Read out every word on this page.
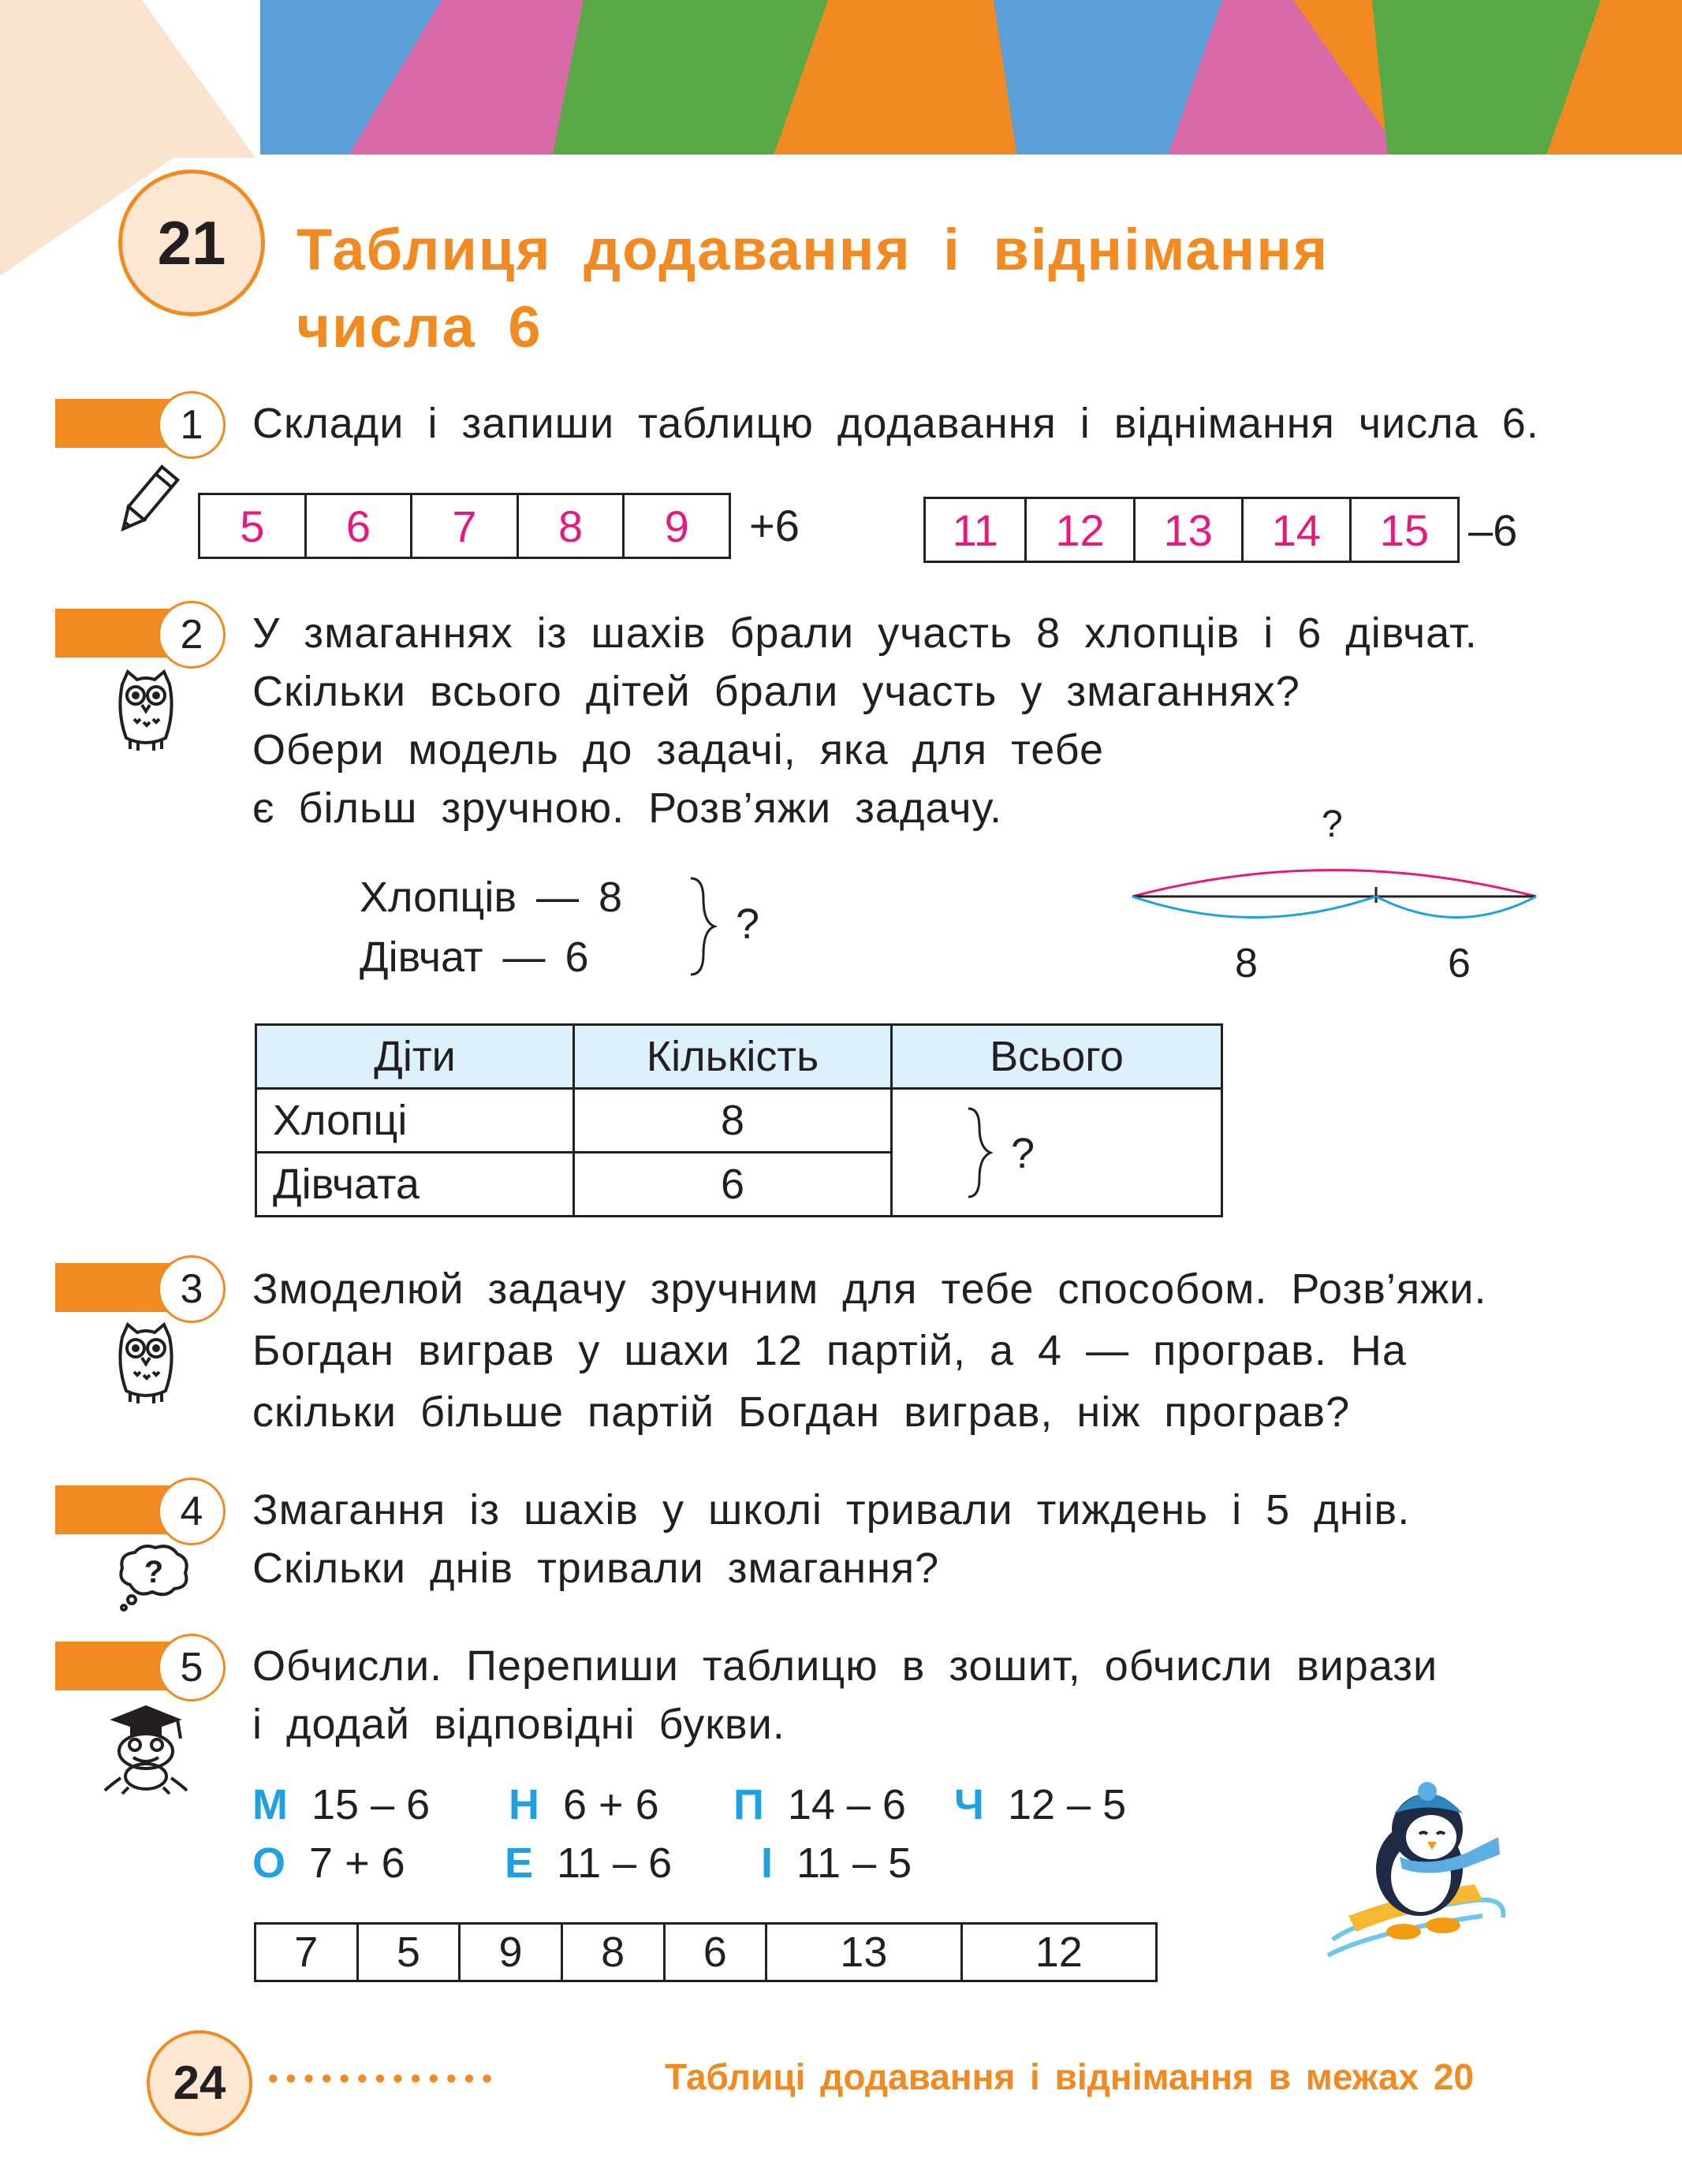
21	Таблиця додавання і віднімання
числа 6
1	Склади і запиши таблицю додавання і віднімання числа 6.
5	6	7	8	9 +6	11	12	13	14	15 –6
2	У змаганнях із шахів брали участь 8 хлопців і 6 дівчат.
Скільки всього дітей брали участь у змаганнях?
Обери модель до задачі, яка для тебе
є більш зручною. Розв’яжи задачу.
Хлопців — 8
Дівчат — 6
?
?
8	6
Діти	Кількість	Всього
Хлопці	8	?

Дівчата	6	
3	Змоделюй задачу зручним для тебе способом. Розв’яжи.
Богдан виграв у шахи 12 партій, а 4 — програв. На
скільки більше партій Богдан виграв, ніж програв?
4
?
Змагання із шахів у школі тривали тиждень і 5 днів.
Скільки днів тривали змагання?
5	Обчисли. Перепиши таблицю в зошит, обчисли вирази
і додай відповідні букви.
М 15 – 6 Н 6 + 6 П 14 – 6 Ч 12 – 5
О 7 + 6 Е 11 – 6 І 11 – 5
7	5	9	8	6	13	12
24	• • • • • • • • • • • • •	Таблиці додавання і віднімання в межах 20
